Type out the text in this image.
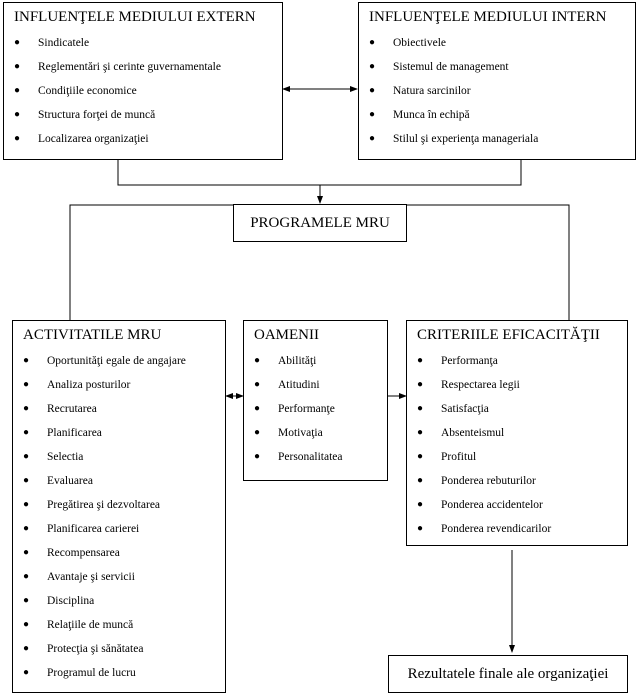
INFLUENŢELE MEDIULUI EXTERN
● Sindicatele
● Reglementări şi cerinte guvernamentale
● Condiţiile economice
● Structura forţei de muncă
● Localizarea organizaţiei
INFLUENŢELE MEDIULUI INTERN
● Obiectivele
● Sistemul de management
● Natura sarcinilor
● Munca în echipă
● Stilul şi experienţa manageriala
PROGRAMELE MRU
ACTIVITATILE MRU
● Oportunităţi egale de angajare
● Analiza posturilor
● Recrutarea
● Planificarea
● Selectia
● Evaluarea
● Pregătirea şi dezvoltarea
● Planificarea carierei
● Recompensarea
● Avantaje şi servicii
● Disciplina
● Relaţiile de muncă
● Protecţia şi sănătatea
● Programul de lucru
OAMENII
● Abilităţi
● Atitudini
● Performanţe
● Motivaţia
● Personalitatea
CRITERIILE EFICACITĂŢII
● Performanţa
● Respectarea legii
● Satisfacţia
● Absenteismul
● Profitul
● Ponderea rebuturilor
● Ponderea accidentelor
● Ponderea revendicarilor
Rezultatele finale ale organizaţiei
